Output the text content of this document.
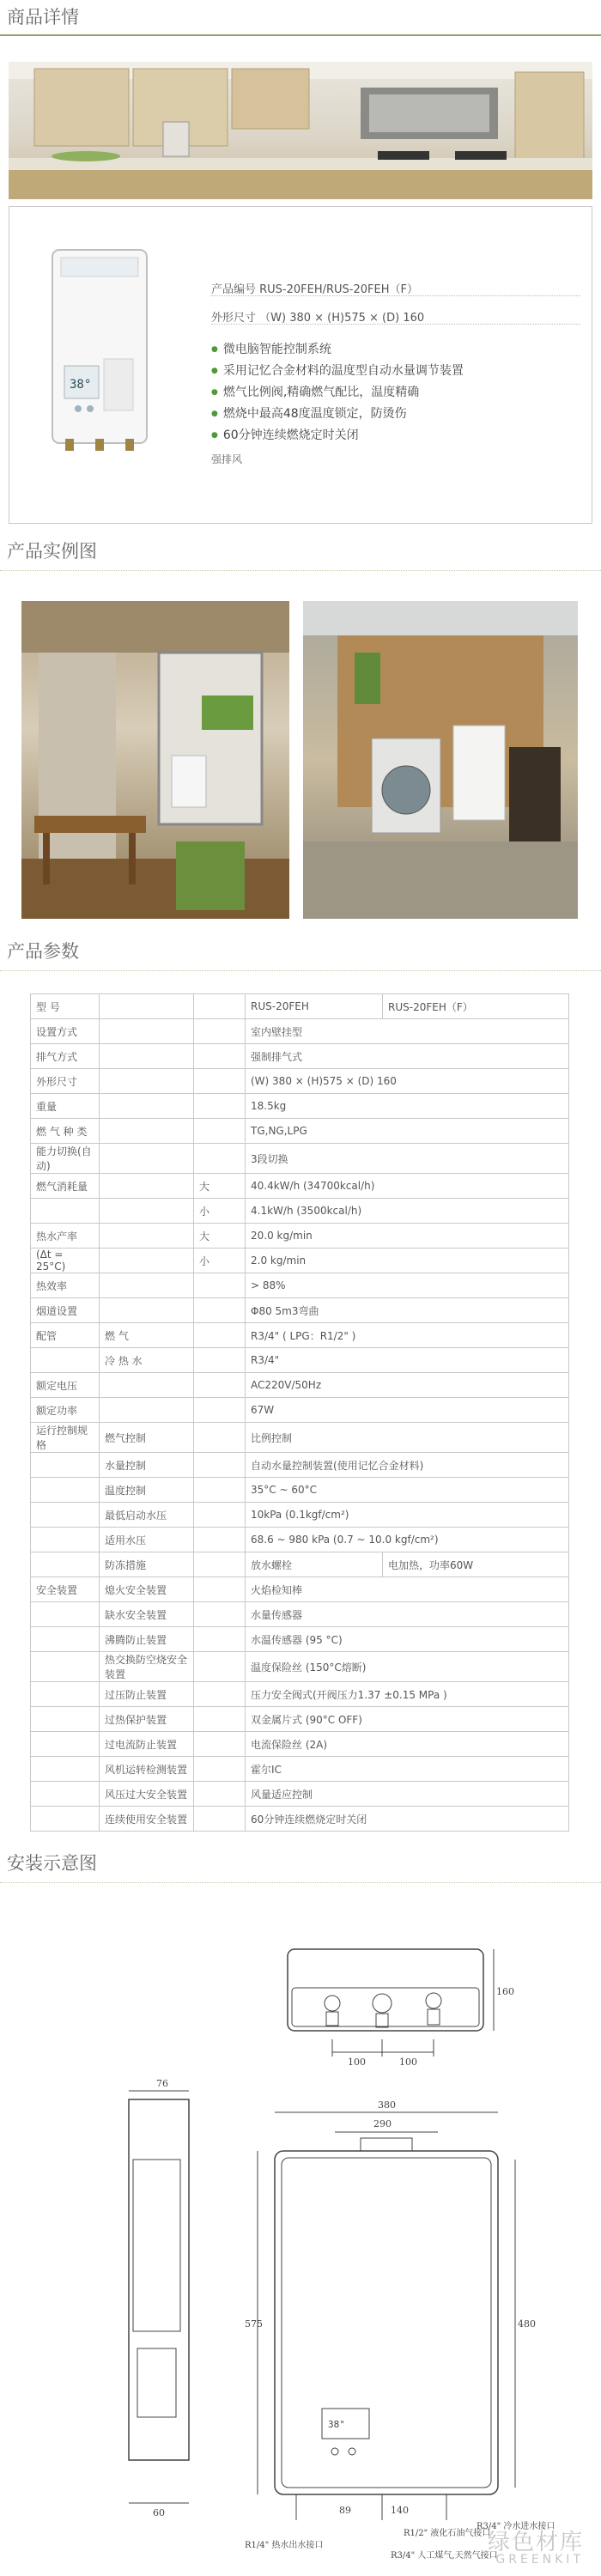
商品详情
38°
产品编号 RUS-20FEH/RUS-20FEH（F）
外形尺寸 （W) 380 × (H)575 × (D) 160
● 微电脑智能控制系统
● 采用记忆合金材料的温度型自动水量调节装置
● 燃气比例阀,精确燃气配比，温度精确
● 燃烧中最高48度温度锁定，防烫伤
● 60分钟连续燃烧定时关闭
强排风
产品实例图
产品参数
型 号			RUS-20FEH	RUS-20FEH（F）
设置方式			室内壁挂型	
排气方式			强制排气式	
外形尺寸			(W) 380 × (H)575 × (D) 160	
重量			18.5kg	
燃 气 种 类			TG,NG,LPG	
能力切换(自动)			3段切换	
燃气消耗量		大	40.4kW/h (34700kcal/h)	
		小	4.1kW/h (3500kcal/h)	
热水产率		大	20.0 kg/min	
(Δt = 25°C)		小	2.0 kg/min	
热效率			> 88%	
烟道设置			Φ80 5m3弯曲	
配管	燃 气		R3/4" ( LPG：R1/2" )	
	冷 热 水		R3/4"	
额定电压			AC220V/50Hz	
额定功率			67W	
运行控制规格	燃气控制		比例控制	
	水量控制		自动水量控制装置(使用记忆合金材料)	
	温度控制		35°C ~ 60°C	
	最低启动水压		10kPa (0.1kgf/cm²)	
	适用水压		68.6 ~ 980 kPa (0.7 ~ 10.0 kgf/cm²)	
	防冻措施		放水螺栓	电加热，功率60W
安全装置	熄火安全装置		火焰检知棒	
	缺水安全装置		水量传感器	
	沸腾防止装置		水温传感器 (95 °C)	
	热交换防空烧安全装置		温度保险丝 (150°C熔断)	
	过压防止装置		压力安全阀式(开阀压力1.37 ±0.15 MPa )	
	过热保护装置		双金属片式 (90°C OFF)	
	过电流防止装置		电流保险丝 (2A)	
	风机运转检测装置		霍尔IC	
	风压过大安全装置		风量适应控制	
	连续使用安全装置		60分钟连续燃烧定时关闭	
安装示意图
100	100
160
380
290
38°
575	480
89	140
76
60
R1/4" 热水出水接口
R1/2" 液化石油气接口
R3/4" 人工煤气,天然气接口
R3/4" 冷水进水接口
绿色材库
GREENKIT
